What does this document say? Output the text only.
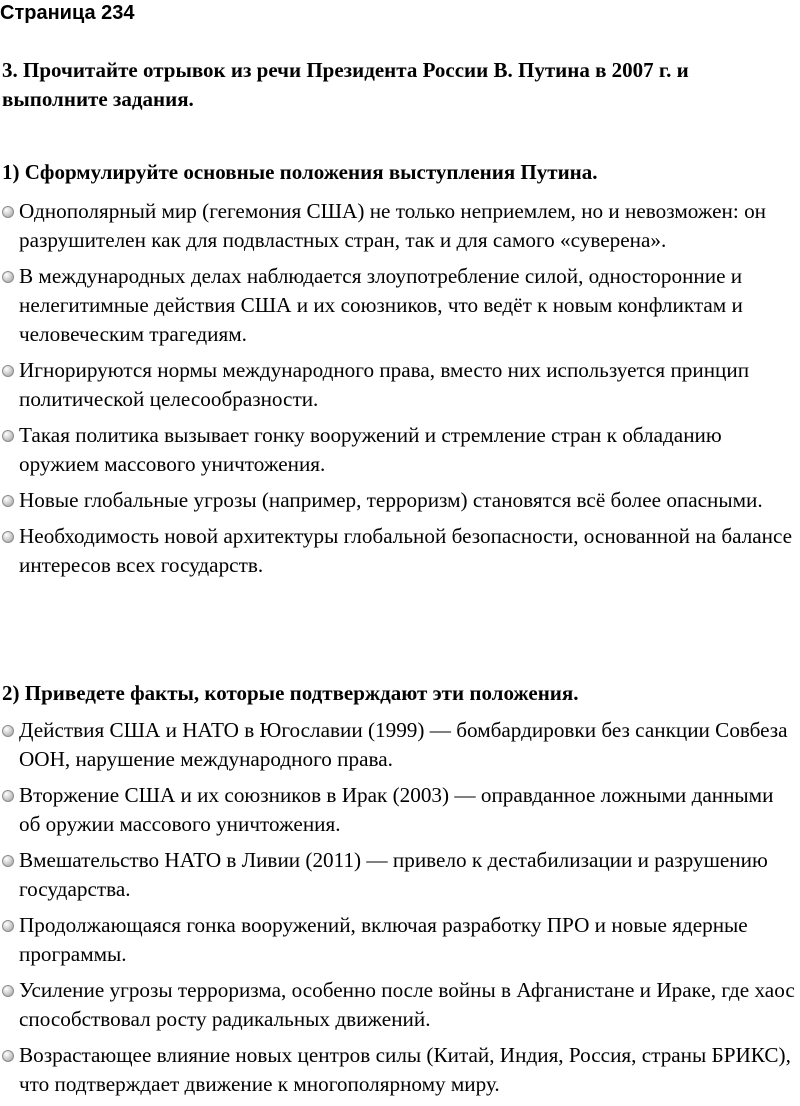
Страница 234
3. Прочитайте отрывок из речи Президента России В. Путина в 2007 г. и выполните задания.
1) Сформулируйте основные положения выступления Путина.
Однополярный мир (гегемония США) не только неприемлем, но и невозможен: он разрушителен как для подвластных стран, так и для самого «суверена».
В международных делах наблюдается злоупотребление силой, односторонние и нелегитимные действия США и их союзников, что ведёт к новым конфликтам и человеческим трагедиям.
Игнорируются нормы международного права, вместо них используется принцип политической целесообразности.
Такая политика вызывает гонку вооружений и стремление стран к обладанию оружием массового уничтожения.
Новые глобальные угрозы (например, терроризм) становятся всё более опасными.
Необходимость новой архитектуры глобальной безопасности, основанной на балансе интересов всех государств.
2) Приведете факты, которые подтверждают эти положения.
Действия США и НАТО в Югославии (1999) — бомбардировки без санкции Совбеза ООН, нарушение международного права.
Вторжение США и их союзников в Ирак (2003) — оправданное ложными данными об оружии массового уничтожения.
Вмешательство НАТО в Ливии (2011) — привело к дестабилизации и разрушению государства.
Продолжающаяся гонка вооружений, включая разработку ПРО и новые ядерные программы.
Усиление угрозы терроризма, особенно после войны в Афганистане и Ираке, где хаос способствовал росту радикальных движений.
Возрастающее влияние новых центров силы (Китай, Индия, Россия, страны БРИКС), что подтверждает движение к многополярному миру.
